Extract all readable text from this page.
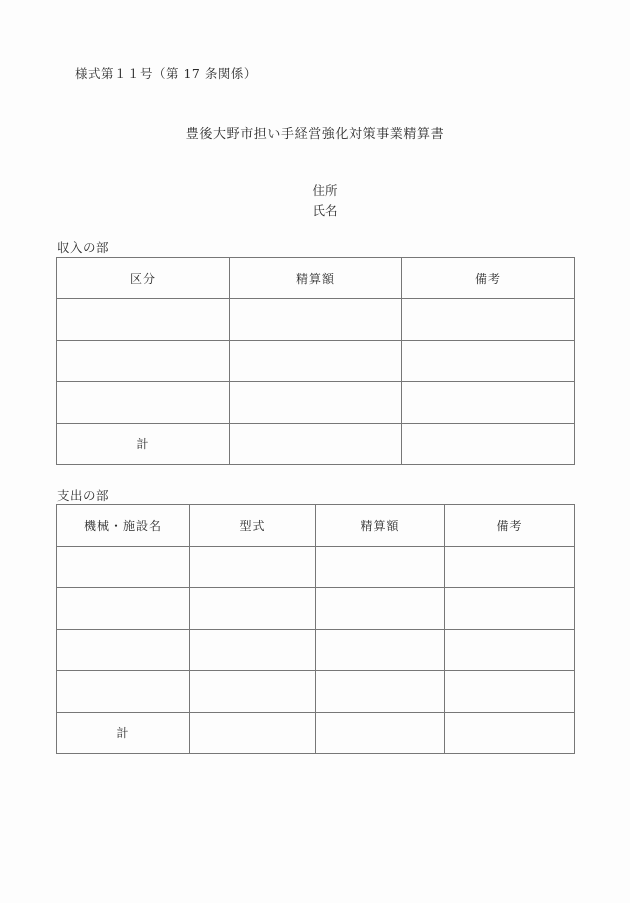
様式第１１号（第 17 条関係）
豊後大野市担い手経営強化対策事業精算書
住所
氏名
収入の部
区分	精算額	備考

計		
支出の部
機械・施設名	型式	精算額	備考

計			
